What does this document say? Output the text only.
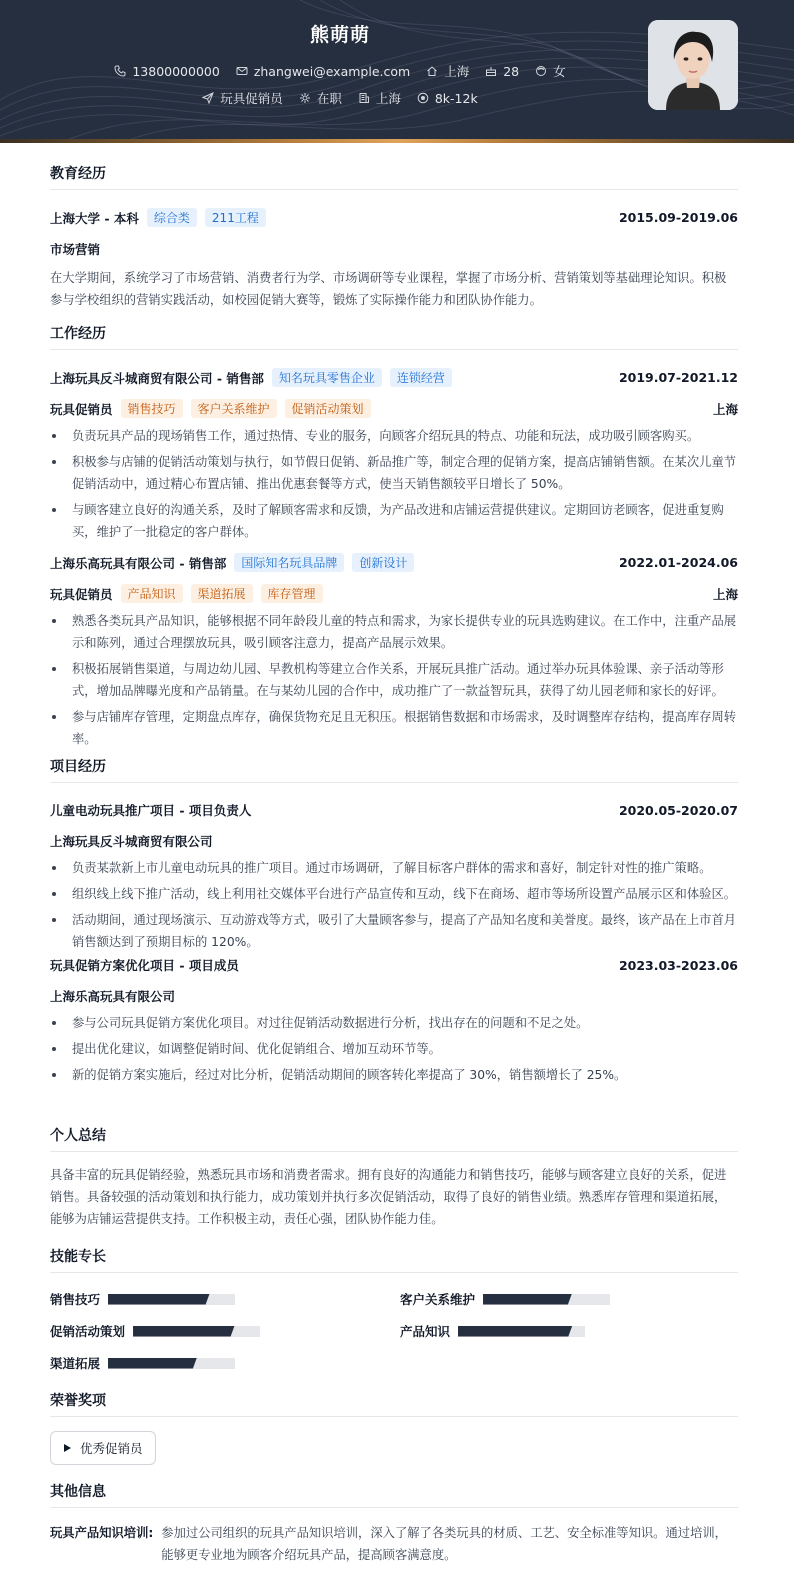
熊萌萌
13800000000	zhangwei@example.com	上海	28	女
玩具促销员	在职	上海	8k-12k
教育经历
上海大学 - 本科	综合类	211工程	2015.09-2019.06
市场营销
在大学期间，系统学习了市场营销、消费者行为学、市场调研等专业课程，掌握了市场分析、营销策划等基础理论知识。积极参与学校组织的营销实践活动，如校园促销大赛等，锻炼了实际操作能力和团队协作能力。
工作经历
上海玩具反斗城商贸有限公司 - 销售部	知名玩具零售企业	连锁经营	2019.07-2021.12
玩具促销员	销售技巧	客户关系维护	促销活动策划	上海
负责玩具产品的现场销售工作，通过热情、专业的服务，向顾客介绍玩具的特点、功能和玩法，成功吸引顾客购买。
积极参与店铺的促销活动策划与执行，如节假日促销、新品推广等，制定合理的促销方案，提高店铺销售额。在某次儿童节促销活动中，通过精心布置店铺、推出优惠套餐等方式，使当天销售额较平日增长了 50%。
与顾客建立良好的沟通关系，及时了解顾客需求和反馈，为产品改进和店铺运营提供建议。定期回访老顾客，促进重复购买，维护了一批稳定的客户群体。
上海乐高玩具有限公司 - 销售部	国际知名玩具品牌	创新设计	2022.01-2024.06
玩具促销员	产品知识	渠道拓展	库存管理	上海
熟悉各类玩具产品知识，能够根据不同年龄段儿童的特点和需求，为家长提供专业的玩具选购建议。在工作中，注重产品展示和陈列，通过合理摆放玩具，吸引顾客注意力，提高产品展示效果。
积极拓展销售渠道，与周边幼儿园、早教机构等建立合作关系，开展玩具推广活动。通过举办玩具体验课、亲子活动等形式，增加品牌曝光度和产品销量。在与某幼儿园的合作中，成功推广了一款益智玩具，获得了幼儿园老师和家长的好评。
参与店铺库存管理，定期盘点库存，确保货物充足且无积压。根据销售数据和市场需求，及时调整库存结构，提高库存周转率。
项目经历
儿童电动玩具推广项目 - 项目负责人	2020.05-2020.07
上海玩具反斗城商贸有限公司
负责某款新上市儿童电动玩具的推广项目。通过市场调研，了解目标客户群体的需求和喜好，制定针对性的推广策略。
组织线上线下推广活动，线上利用社交媒体平台进行产品宣传和互动，线下在商场、超市等场所设置产品展示区和体验区。
活动期间，通过现场演示、互动游戏等方式，吸引了大量顾客参与，提高了产品知名度和美誉度。最终，该产品在上市首月销售额达到了预期目标的 120%。
玩具促销方案优化项目 - 项目成员	2023.03-2023.06
上海乐高玩具有限公司
参与公司玩具促销方案优化项目。对过往促销活动数据进行分析，找出存在的问题和不足之处。
提出优化建议，如调整促销时间、优化促销组合、增加互动环节等。
新的促销方案实施后，经过对比分析，促销活动期间的顾客转化率提高了 30%，销售额增长了 25%。
个人总结
具备丰富的玩具促销经验，熟悉玩具市场和消费者需求。拥有良好的沟通能力和销售技巧，能够与顾客建立良好的关系，促进销售。具备较强的活动策划和执行能力，成功策划并执行多次促销活动，取得了良好的销售业绩。熟悉库存管理和渠道拓展，能够为店铺运营提供支持。工作积极主动，责任心强，团队协作能力佳。
技能专长
销售技巧	客户关系维护
促销活动策划	产品知识
渠道拓展
荣誉奖项
优秀促销员
其他信息
玩具产品知识培训: 参加过公司组织的玩具产品知识培训，深入了解了各类玩具的材质、工艺、安全标准等知识。通过培训，能够更专业地为顾客介绍玩具产品，提高顾客满意度。
